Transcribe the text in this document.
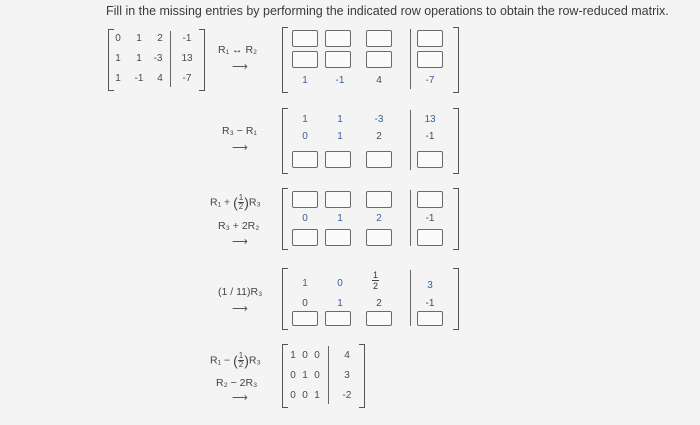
Fill in the missing entries by performing the indicated row operations to obtain the row-reduced matrix.
0	1	2	-1
1	1	-3	13
1	-1	4	-7
R₁ ↔ R₂
⟶
1	-1	4	-7
R₃ − R₁
⟶
1	1	-3	13
0	1	2	-1
R₁ + ( $\frac{1}{2} )R_3$
R₃ + 2R₂
⟶
0	1	2	-1
(1 / 11)R₃
⟶
1	0	$\frac{1}{2}$	3
0	1	2	-1
R₁ − ( $\frac{1}{2} )R_3$
R₂ − 2R₃
⟶
1 0 0	4
0 1 0	3
0 0 1	-2
